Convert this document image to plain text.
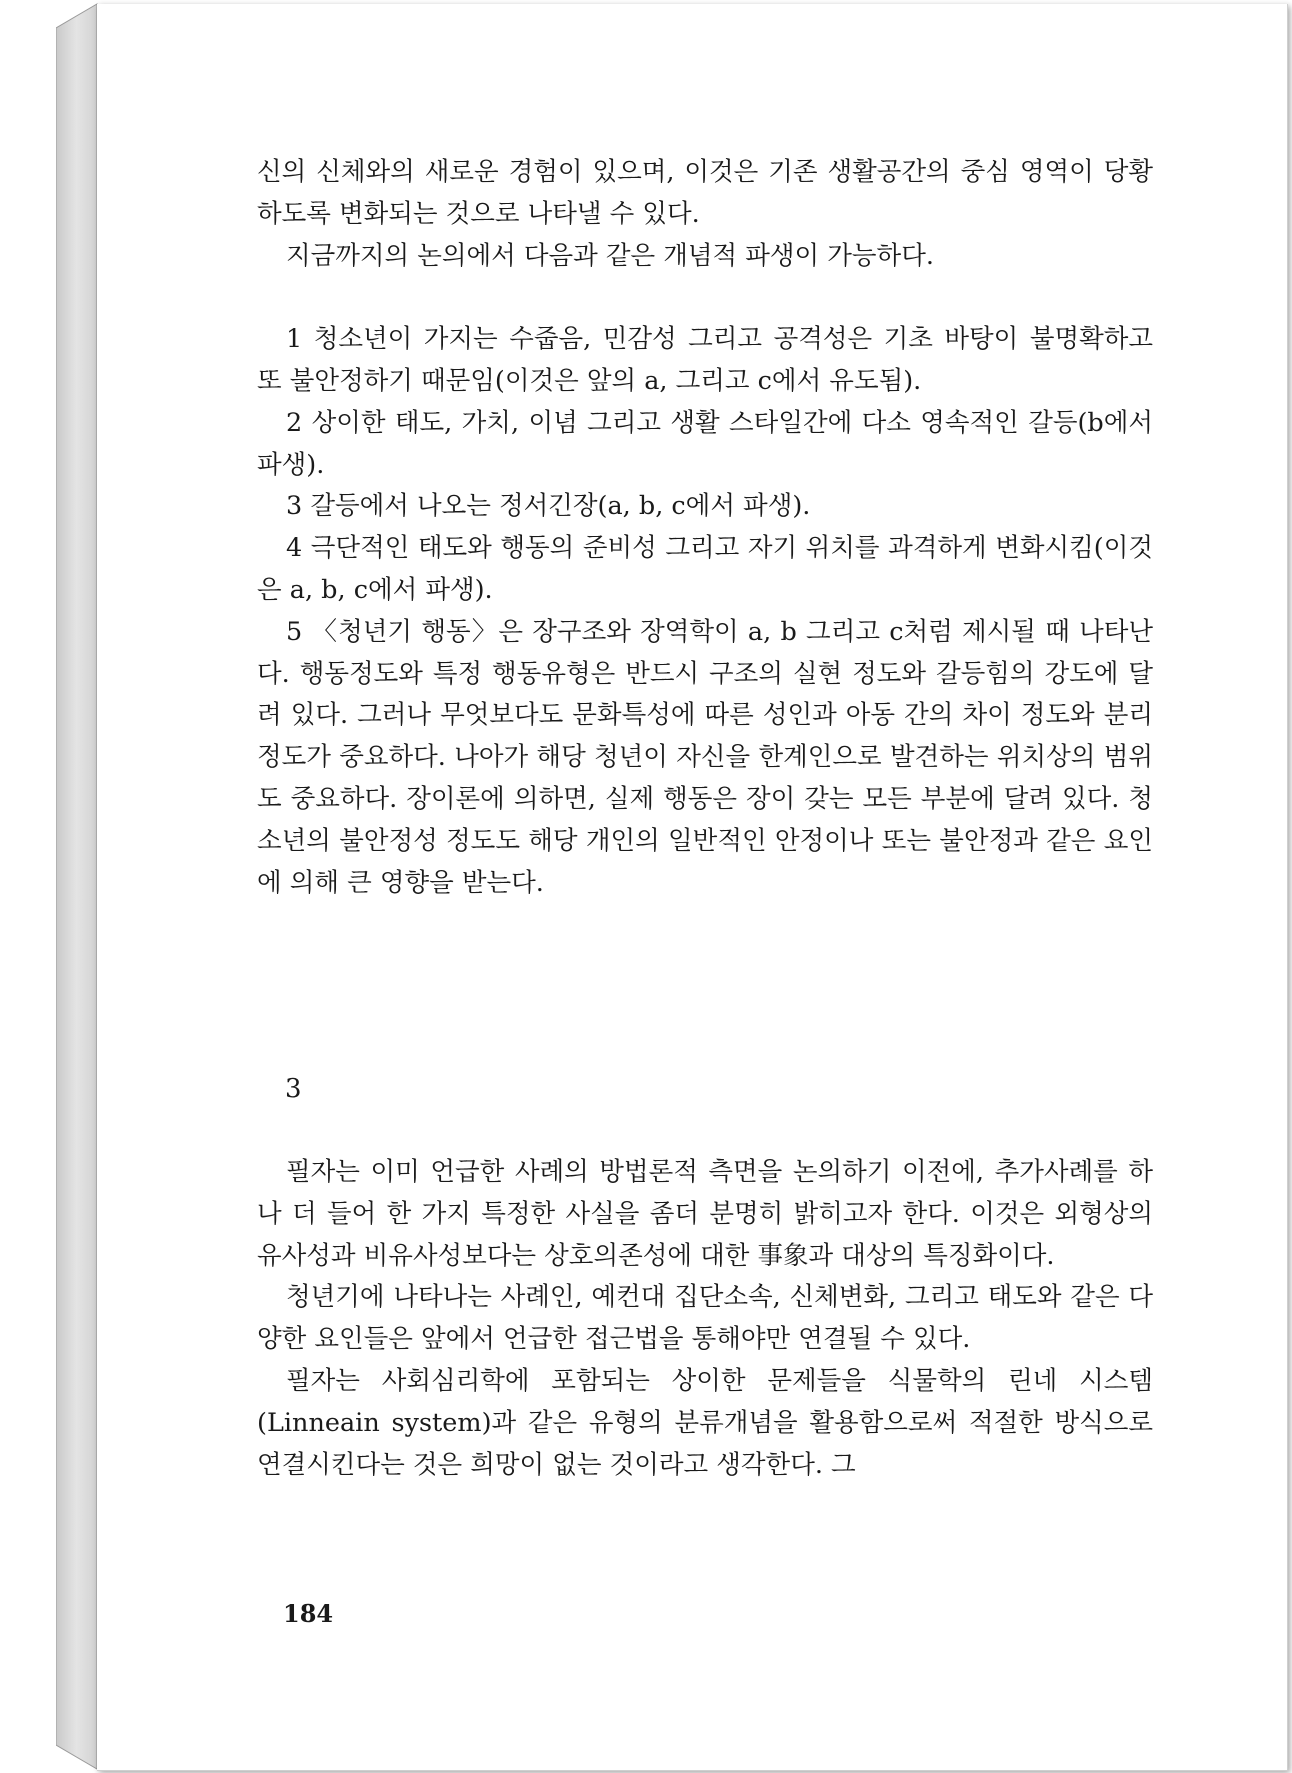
신의 신체와의 새로운 경험이 있으며, 이것은 기존 생활공간의 중심 영역이 당황하도록 변화되는 것으로 나타낼 수 있다.

지금까지의 논의에서 다음과 같은 개념적 파생이 가능하다.

1 청소년이 가지는 수줍음, 민감성 그리고 공격성은 기초 바탕이 불명확하고 또 불안정하기 때문임(이것은 앞의 a, 그리고 c에서 유도됨).

2 상이한 태도, 가치, 이념 그리고 생활 스타일간에 다소 영속적인 갈등(b에서 파생).

3 갈등에서 나오는 정서긴장(a, b, c에서 파생).

4 극단적인 태도와 행동의 준비성 그리고 자기 위치를 과격하게 변화시킴(이것은 a, b, c에서 파생).

5 〈청년기 행동〉은 장구조와 장역학이 a, b 그리고 c처럼 제시될 때 나타난다. 행동정도와 특정 행동유형은 반드시 구조의 실현 정도와 갈등힘의 강도에 달려 있다. 그러나 무엇보다도 문화특성에 따른 성인과 아동 간의 차이 정도와 분리 정도가 중요하다. 나아가 해당 청년이 자신을 한계인으로 발견하는 위치상의 범위도 중요하다. 장이론에 의하면, 실제 행동은 장이 갖는 모든 부분에 달려 있다. 청소년의 불안정성 정도도 해당 개인의 일반적인 안정이나 또는 불안정과 같은 요인에 의해 큰 영향을 받는다.

3

필자는 이미 언급한 사례의 방법론적 측면을 논의하기 이전에, 추가사례를 하나 더 들어 한 가지 특정한 사실을 좀더 분명히 밝히고자 한다. 이것은 외형상의 유사성과 비유사성보다는 상호의존성에 대한 事象과 대상의 특징화이다.

청년기에 나타나는 사례인, 예컨대 집단소속, 신체변화, 그리고 태도와 같은 다양한 요인들은 앞에서 언급한 접근법을 통해야만 연결될 수 있다.

필자는 사회심리학에 포함되는 상이한 문제들을 식물학의 린네 시스템(Linneain system)과 같은 유형의 분류개념을 활용함으로써 적절한 방식으로 연결시킨다는 것은 희망이 없는 것이라고 생각한다. 그

184
